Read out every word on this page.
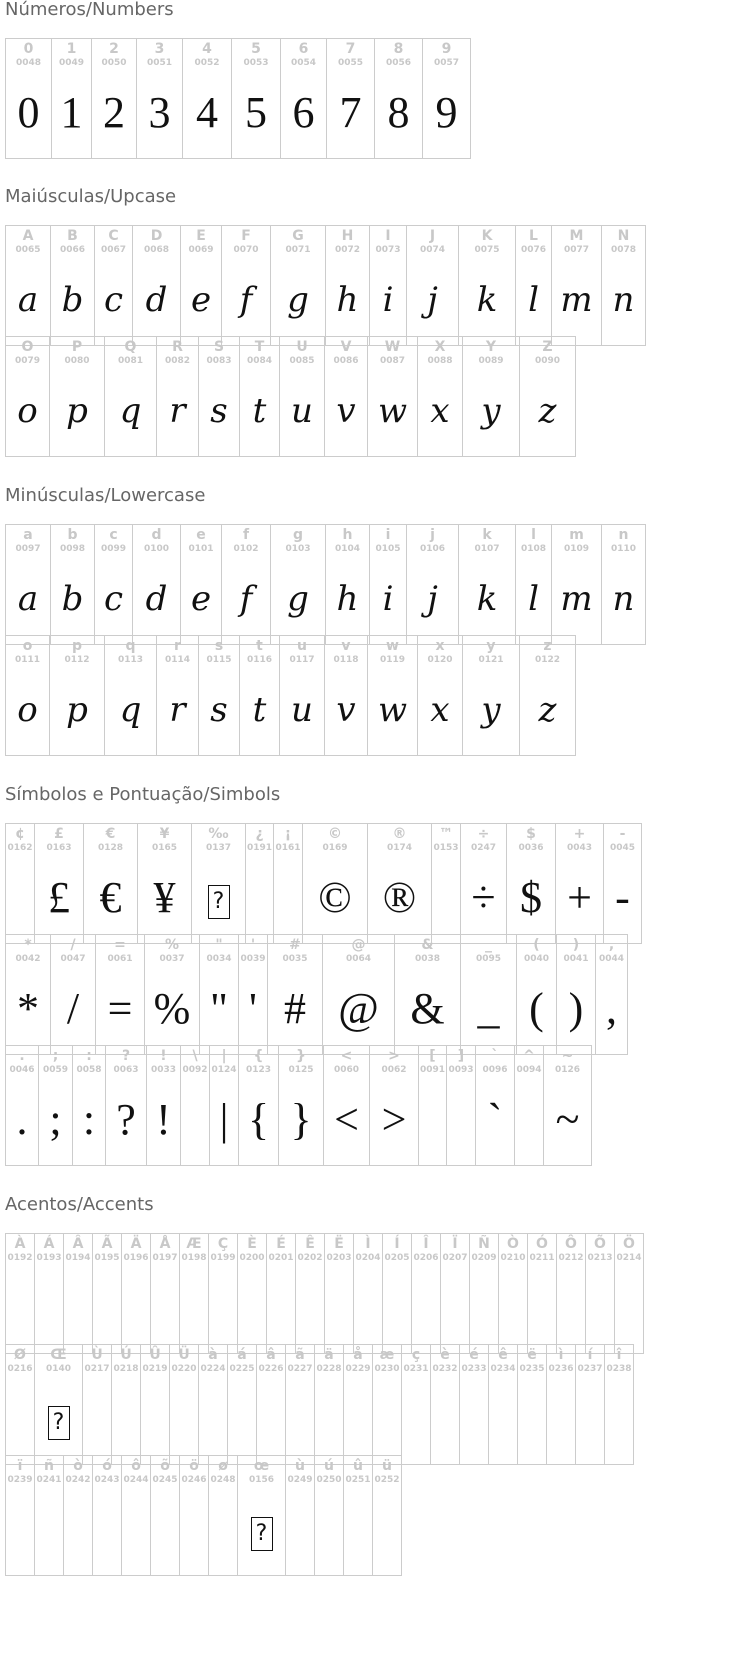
Números/Numbers
0
0048
0
1
0049
1
2
0050
2
3
0051
3
4
0052
4
5
0053
5
6
0054
6
7
0055
7
8
0056
8
9
0057
9
Maiúsculas/Upcase
A
0065
a
B
0066
b
C
0067
c
D
0068
d
E
0069
e
F
0070
f
G
0071
g
H
0072
h
I
0073
i
J
0074
j
K
0075
k
L
0076
l
M
0077
m
N
0078
n
O
0079
o
P
0080
p
Q
0081
q
R
0082
r
S
0083
s
T
0084
t
U
0085
u
V
0086
v
W
0087
w
X
0088
x
Y
0089
y
Z
0090
z
Minúsculas/Lowercase
a
0097
a
b
0098
b
c
0099
c
d
0100
d
e
0101
e
f
0102
f
g
0103
g
h
0104
h
i
0105
i
j
0106
j
k
0107
k
l
0108
l
m
0109
m
n
0110
n
o
0111
o
p
0112
p
q
0113
q
r
0114
r
s
0115
s
t
0116
t
u
0117
u
v
0118
v
w
0119
w
x
0120
x
y
0121
y
z
0122
z
Símbolos e Pontuação/Simbols
¢
0162
£
0163
£
€
0128
€
¥
0165
¥
‰
0137
?
¿
0191
¡
0161
©
0169
©
®
0174
®
™
0153
÷
0247
÷
$
0036
$
+
0043
+
-
0045
-
*
0042
*
/
0047
/
=
0061
=
%
0037
%
"
0034
"
'
0039
'
#
0035
#
@
0064
@
&
0038
&
_
0095
_
(
0040
(
)
0041
)
,
0044
,
.
0046
.
;
0059
;
:
0058
:
?
0063
?
!
0033
!
\
0092
|
0124
|
{
0123
{
}
0125
}
<
0060
<
>
0062
>
[
0091
]
0093
`
0096
`
^
0094
~
0126
~
Acentos/Accents
À
0192
Á
0193
Â
0194
Ã
0195
Ä
0196
Å
0197
Æ
0198
Ç
0199
È
0200
É
0201
Ê
0202
Ë
0203
Ì
0204
Í
0205
Î
0206
Ï
0207
Ñ
0209
Ò
0210
Ó
0211
Ô
0212
Õ
0213
Ö
0214
Ø
0216
Œ
0140
?
Ù
0217
Ú
0218
Û
0219
Ü
0220
à
0224
á
0225
â
0226
ã
0227
ä
0228
å
0229
æ
0230
ç
0231
è
0232
é
0233
ê
0234
ë
0235
ì
0236
í
0237
î
0238
ï
0239
ñ
0241
ò
0242
ó
0243
ô
0244
õ
0245
ö
0246
ø
0248
œ
0156
?
ù
0249
ú
0250
û
0251
ü
0252
